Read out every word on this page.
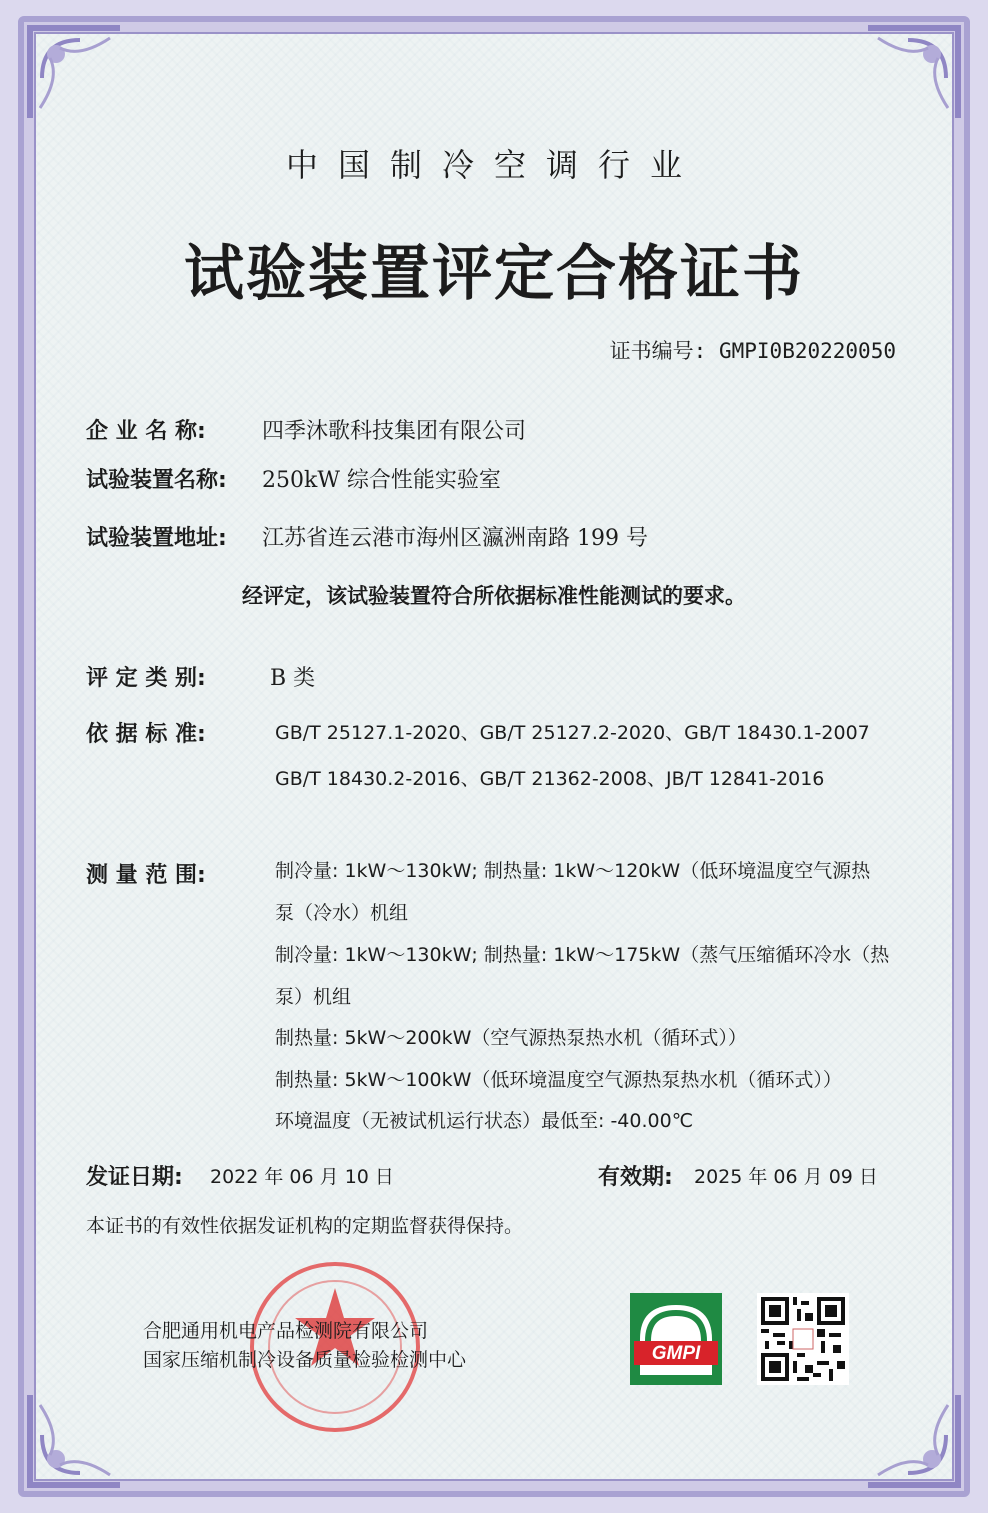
中国制冷空调行业
试验装置评定合格证书
证书编号: GMPI0B20220050
企 业 名 称:	四季沐歌科技集团有限公司
试验装置名称: 250kW 综合性能实验室
试验装置地址: 江苏省连云港市海州区瀛洲南路 199 号
经评定，该试验装置符合所依据标准性能测试的要求。
评 定 类 别:	B 类
依 据 标 准:	GB/T 25127.1-2020、GB/T 25127.2-2020、GB/T 18430.1-2007
GB/T 18430.2-2016、GB/T 21362-2008、JB/T 12841-2016
测 量 范 围:	制冷量: 1kW～130kW; 制热量: 1kW～120kW（低环境温度空气源热
泵（冷水）机组
制冷量: 1kW～130kW; 制热量: 1kW～175kW（蒸气压缩循环冷水（热
泵）机组
制热量: 5kW～200kW（空气源热泵热水机（循环式））
制热量: 5kW～100kW（低环境温度空气源热泵热水机（循环式））
环境温度（无被试机运行状态）最低至: -40.00℃
发证日期: 2022 年 06 月 10 日	有效期: 2025 年 06 月 09 日
本证书的有效性依据发证机构的定期监督获得保持。
合肥通用机电产品检测院有限公司
国家压缩机制冷设备质量检验检测中心	GMPI
